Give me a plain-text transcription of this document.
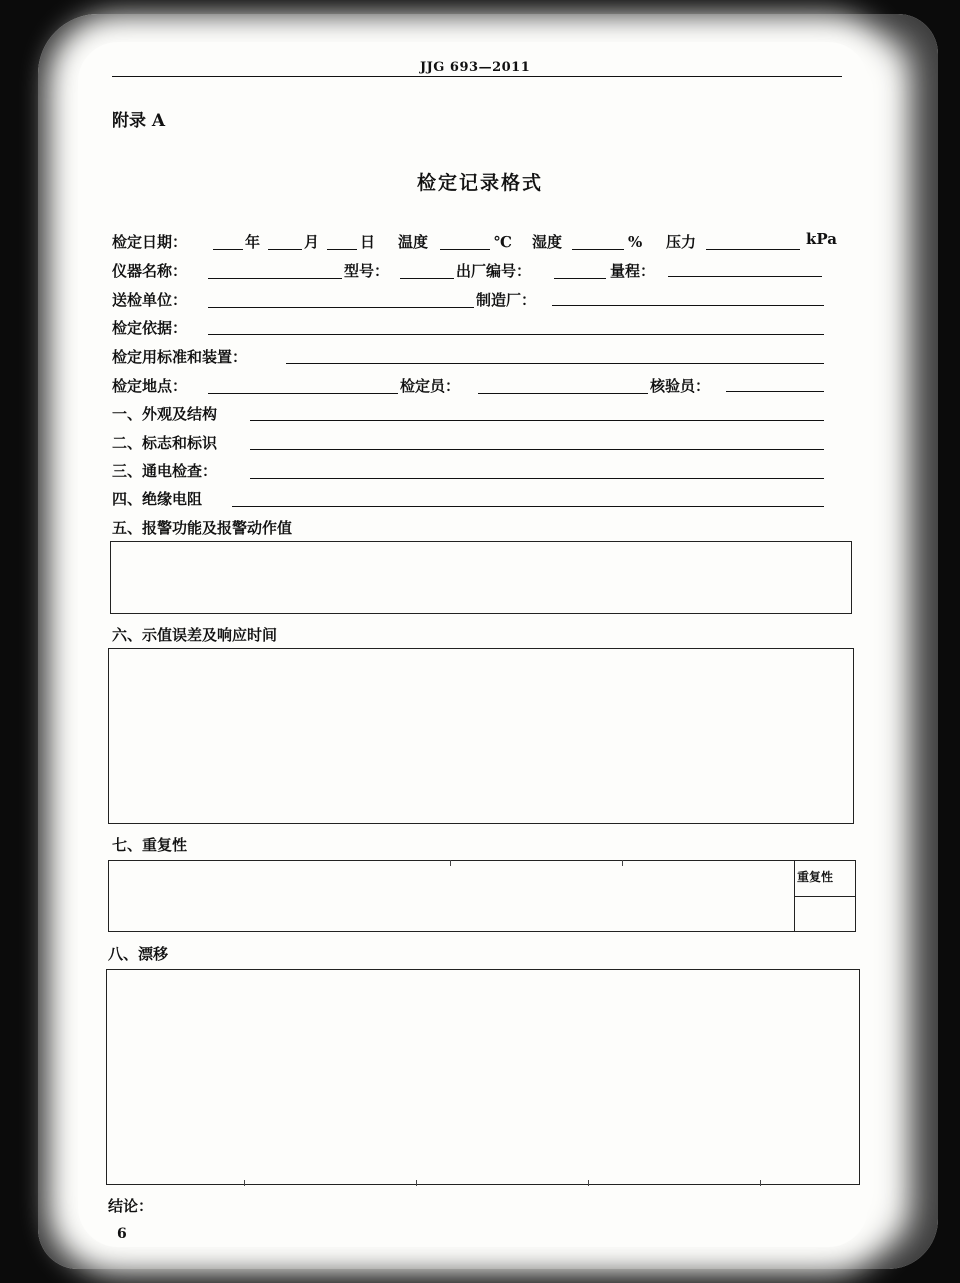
JJG 693—2011
附录 A
检定记录格式
检定日期：	年	月	日 温度	℃ 湿度	% 压力	kPa
仪器名称：	型号：	出厂编号：	量程：
送检单位：	制造厂：
检定依据：
检定用标准和装置：
检定地点：	检定员：	核验员：
一、外观及结构
二、标志和标识
三、通电检查：
四、绝缘电阻
五、报警功能及报警动作值
六、示值误差及响应时间
七、重复性
重复性
八、漂移
结论：
6
